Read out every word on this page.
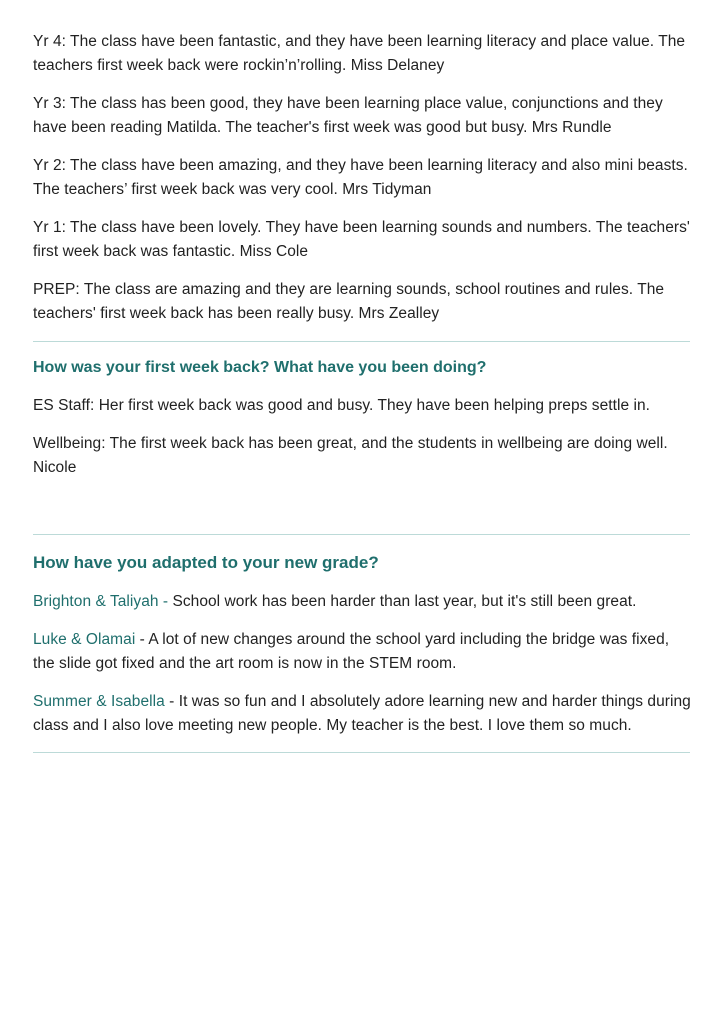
Yr 4: The class have been fantastic, and they have been learning literacy and place value. The teachers first week back were rockin’n’rolling. Miss Delaney

Yr 3: The class has been good, they have been learning place value, conjunctions and they have been reading Matilda. The teacher's first week was good but busy. Mrs Rundle

Yr 2: The class have been amazing, and they have been learning literacy and also mini beasts. The teachers’ first week back was very cool. Mrs Tidyman

Yr 1: The class have been lovely. They have been learning sounds and numbers. The teachers' first week back was fantastic. Miss Cole

PREP: The class are amazing and they are learning sounds, school routines and rules. The teachers' first week back has been really busy. Mrs Zealley

How was your first week back? What have you been doing?

ES Staff: Her first week back was good and busy. They have been helping preps settle in.

Wellbeing: The first week back has been great, and the students in wellbeing are doing well. Nicole

How have you adapted to your new grade?

Brighton & Taliyah - School work has been harder than last year, but it's still been great.

Luke & Olamai - A lot of new changes around the school yard including the bridge was fixed, the slide got fixed and the art room is now in the STEM room.

Summer & Isabella - It was so fun and I absolutely adore learning new and harder things during class and I also love meeting new people. My teacher is the best. I love them so much.
